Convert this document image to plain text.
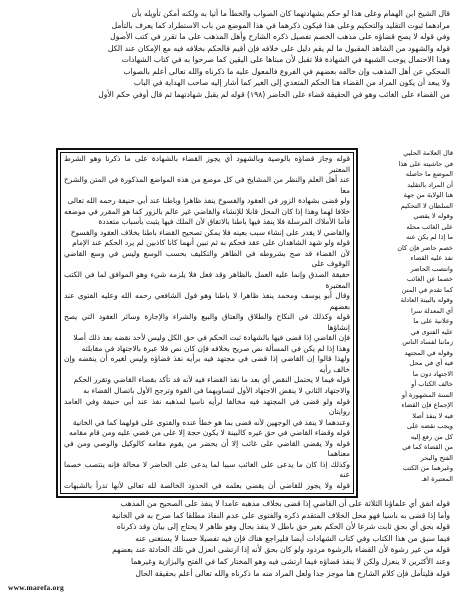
قال الشيخ ابن الهمام وعلى هذا لو حكم بشهادتهما كان الصواب والخطأ ما أتيا به ولكنه أمكن تأويله بأن

مرادهما ثبوت التقليد والتحكيم وعلى هذا فيكون ذكرهما في هذا الموضع من باب الاستطراد كما يعرف بالتأمل

وفي قوله لا يصح قضاؤه على مذهب الخصم تفصيل ذكره الشارح وأهل المذهب على ما تقرر في كتب الأصول

قوله والشهود من الشاهد المقبول ما لم يقم دليل على خلافه فإن أقيم فالحكم بخلافه فيه مع الإمكان عند الكل

وهذا الاحتمال يوجب الشبهة في الشهادة فلا تقبل لأن مبناها على اليقين كما صرحوا به في كتاب الشهادات

المحكي عن أهل المذهب وإن خالفه بعضهم في الفروع فالمعول عليه ما ذكرناه والله تعالى أعلم بالصواب

ولا يبعد أن يكون المراد من القضاء هنا الحكم المتعدي إلى الغير كما أشار إليه صاحب الهداية في الباب

من القضاء على الغائب وهو في الحقيقة قضاء على الحاضر (١٩٨) قوله لم يقبل شهادتهما ثم قال أوفي حكم الأول

قوله وجاز قضاؤه بالوصية وبالشهود أي يجوز القضاء بالشهادة على ما ذكرنا وهو الشرط المعتبر

عند أهل العلم والنظر من المشايخ في كل موضع من هذه المواضع المذكورة في المتن والشرح معا

ولو قضى بشهادة الزور في العقود والفسوخ ينفذ ظاهرا وباطنا عند أبي حنيفة رحمه الله تعالى

خلافا لهما وهذا إذا كان المحل قابلا للإنشاء والقاضي غير عالم بالزور كما هو المقرر في موضعه

فأما الأملاك المرسلة فلا ينفذ فيها باطنا بالاتفاق لأن الملك فيها يثبت بأسباب متعددة

والقاضي لا يقدر على إنشاء سبب بعينه فلا يمكن تصحيح القضاء باطنا بخلاف العقود والفسوخ

قوله ولو شهد الشاهدان على عقد فحكم به ثم تبين أنهما كانا كاذبين لم يرد الحكم عند الإمام

لأن القضاء قد صح بشروطه في الظاهر والتكليف بحسب الوسع وليس في وسع القاضي الوقوف على

حقيقة الصدق وإنما عليه العمل بالظاهر وقد فعل فلا يلزمه شيء وهو الموافق لما في الكتب المعتبرة

وقال أبو يوسف ومحمد ينفذ ظاهرا لا باطنا وهو قول الشافعي رحمه الله وعليه الفتوى عند بعضهم

قوله وكذلك في النكاح والطلاق والعتاق والبيع والشراء والإجارة وسائر العقود التي يصح إنشاؤها

فإن القاضي إذا قضى فيها بالشهادة ثبت الحكم في حق الكل وليس لأحد نقضه بعد ذلك أصلا

وهذا إذا لم يكن في المسألة نص صريح بخلافه فإن كان نص فلا عبرة بالاجتهاد في مقابلته

ولهذا قالوا إن القاضي إذا قضى في مجتهد فيه برأيه نفذ قضاؤه وليس لغيره أن ينقضه وإن خالف رأيه

قوله فيما لا يحتمل النقض أي بعد ما نفذ القضاء فيه لأنه قد تأكد بقضاء القاضي وتقرر الحكم

والاجتهاد الثاني لا ينقض الاجتهاد الأول لتساويهما في القوة وترجح الأول باتصال القضاء به

قوله ولو قضى في المجتهد فيه مخالفا لرأيه ناسيا لمذهبه نفذ عند أبي حنيفة وفي العامد روايتان

وعندهما لا ينفذ في الوجهين لأنه قضى بما هو خطأ عنده والفتوى على قولهما كما في الخانية

قوله وقضاء القاضي في حق غيره كالبينة لا يكون حجة إلا على من قضي عليه ومن قام مقامه

قوله ولا يقضي القاضي على غائب إلا أن يحضر من يقوم مقامه كالوكيل والوصي ومن في معناهما

وكذلك إذا كان ما يدعى على الغائب سببا لما يدعى على الحاضر لا محالة فإنه ينتصب خصما عنه

قوله ولا يجوز للقاضي أن يقضي بعلمه في الحدود الخالصة لله تعالى لأنها تدرأ بالشبهات

قال العلامة الحلبي

في حاشيته على هذا

الموضع ما حاصله

أن المراد بالتقليد

هنا الولاية من جهة

السلطان لا التحكيم

وقوله لا يقضي

على الغائب محله

ما إذا لم يكن عنه

خصم حاضر فإن كان

نفذ عليه القضاء

وانتصب الحاضر

خصما عن الغائب

كما تقدم في المتن

وقوله بالبينة العادلة

أي المعدلة سرا

وعلانية على ما

عليه الفتوى في

زماننا لفساد الناس

وقوله في المجتهد

فيه أي في محل

الاجتهاد دون ما

خالف الكتاب أو

السنة المشهورة أو

الإجماع فإن القضاء

فيه لا ينفذ أصلا

ويجب نقضه على

كل من رفع إليه

من القضاة كما في

الفتح والبحر

وغيرهما من الكتب

المعتبرة اهـ

قوله اتفق أي علماؤنا الثلاثة على أن القاضي إذا قضى بخلاف مذهبه عامدا لا ينفذ على الصحيح من المذهب

وأما إذا قضى به ناسيا فهو محل الخلاف المتقدم ذكره والفتوى على عدم النفاذ مطلقا كما صرح به في الخانية

قوله بحق أي بحق ثابت شرعا لأن الحكم بغير حق باطل لا ينفذ بحال وهو ظاهر لا يحتاج إلى بيان وقد ذكرناه

فيما سبق من هذا الكتاب وفي كتاب الشهادات أيضا فليراجع هناك فإن فيه تفصيلا حسنا لا يستغنى عنه

قوله من غير رشوة لأن القضاء بالرشوة مردود ولو كان بحق لأنه إذا ارتشى انعزل في تلك الحادثة عند بعضهم

وعند الأكثرين لا ينعزل ولكن لا ينفذ قضاؤه فيما ارتشى فيه وهو المختار كما في الفتح والبزازية وغيرهما

قوله فليتأمل فإن كلام الشارح هنا موجز جدا ولعل المراد منه ما ذكرناه والله تعالى أعلم بحقيقة الحال

www.marefa.org
